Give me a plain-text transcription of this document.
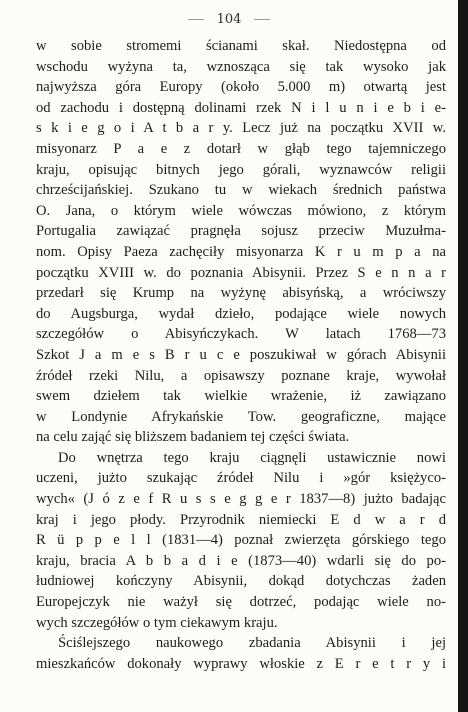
104
w sobie stromemi ścianami skał. Niedostępna od
wschodu wyżyna ta, wznosząca się tak wysoko jak
najwyższa góra Europy (około 5.000 m) otwartą jest
od zachodu i dostępną dolinami rzek N i l u n i e b i e-
s k i e g o i A t b a r y. Lecz już na początku XVII w.
misyonarz P a e z dotarł w głąb tego tajemniczego
kraju, opisując bitnych jego górali, wyznawców religii
chrześcijańskiej. Szukano tu w wiekach średnich państwa
O. Jana, o którym wiele wówczas mówiono, z którym
Portugalia zawiązać pragnęła sojusz przeciw Muzułma-
nom. Opisy Paeza zachęciły misyonarza K r u m p a na
początku XVIII w. do poznania Abisynii. Przez S e n n a r
przedarł się Krump na wyżynę abisyńską, a wróciwszy
do Augsburga, wydał dzieło, podające wiele nowych
szczegółów o Abisyńczykach. W latach 1768—73
Szkot J a m e s B r u c e poszukiwał w górach Abisynii
źródeł rzeki Nilu, a opisawszy poznane kraje, wywołał
swem dziełem tak wielkie wrażenie, iż zawiązano
w Londynie Afrykańskie Tow. geograficzne, mające
na celu zająć się bliższem badaniem tej części świata.
Do wnętrza tego kraju ciągnęli ustawicznie nowi
uczeni, jużto szukając źródeł Nilu i »gór księżyco-
wych« (J ó z e f R u s s e g g e r 1837—8) jużto badając
kraj i jego płody. Przyrodnik niemiecki E d w a r d
R ü p p e l l (1831—4) poznał zwierzęta górskiego tego
kraju, bracia A b b a d i e (1873—40) wdarli się do po-
łudniowej kończyny Abisynii, dokąd dotychczas żaden
Europejczyk nie ważył się dotrzeć, podając wiele no-
wych szczegółów o tym ciekawym kraju.
Ściślejszego naukowego zbadania Abisynii i jej
mieszkańców dokonały wyprawy włoskie z E r e t r y i
